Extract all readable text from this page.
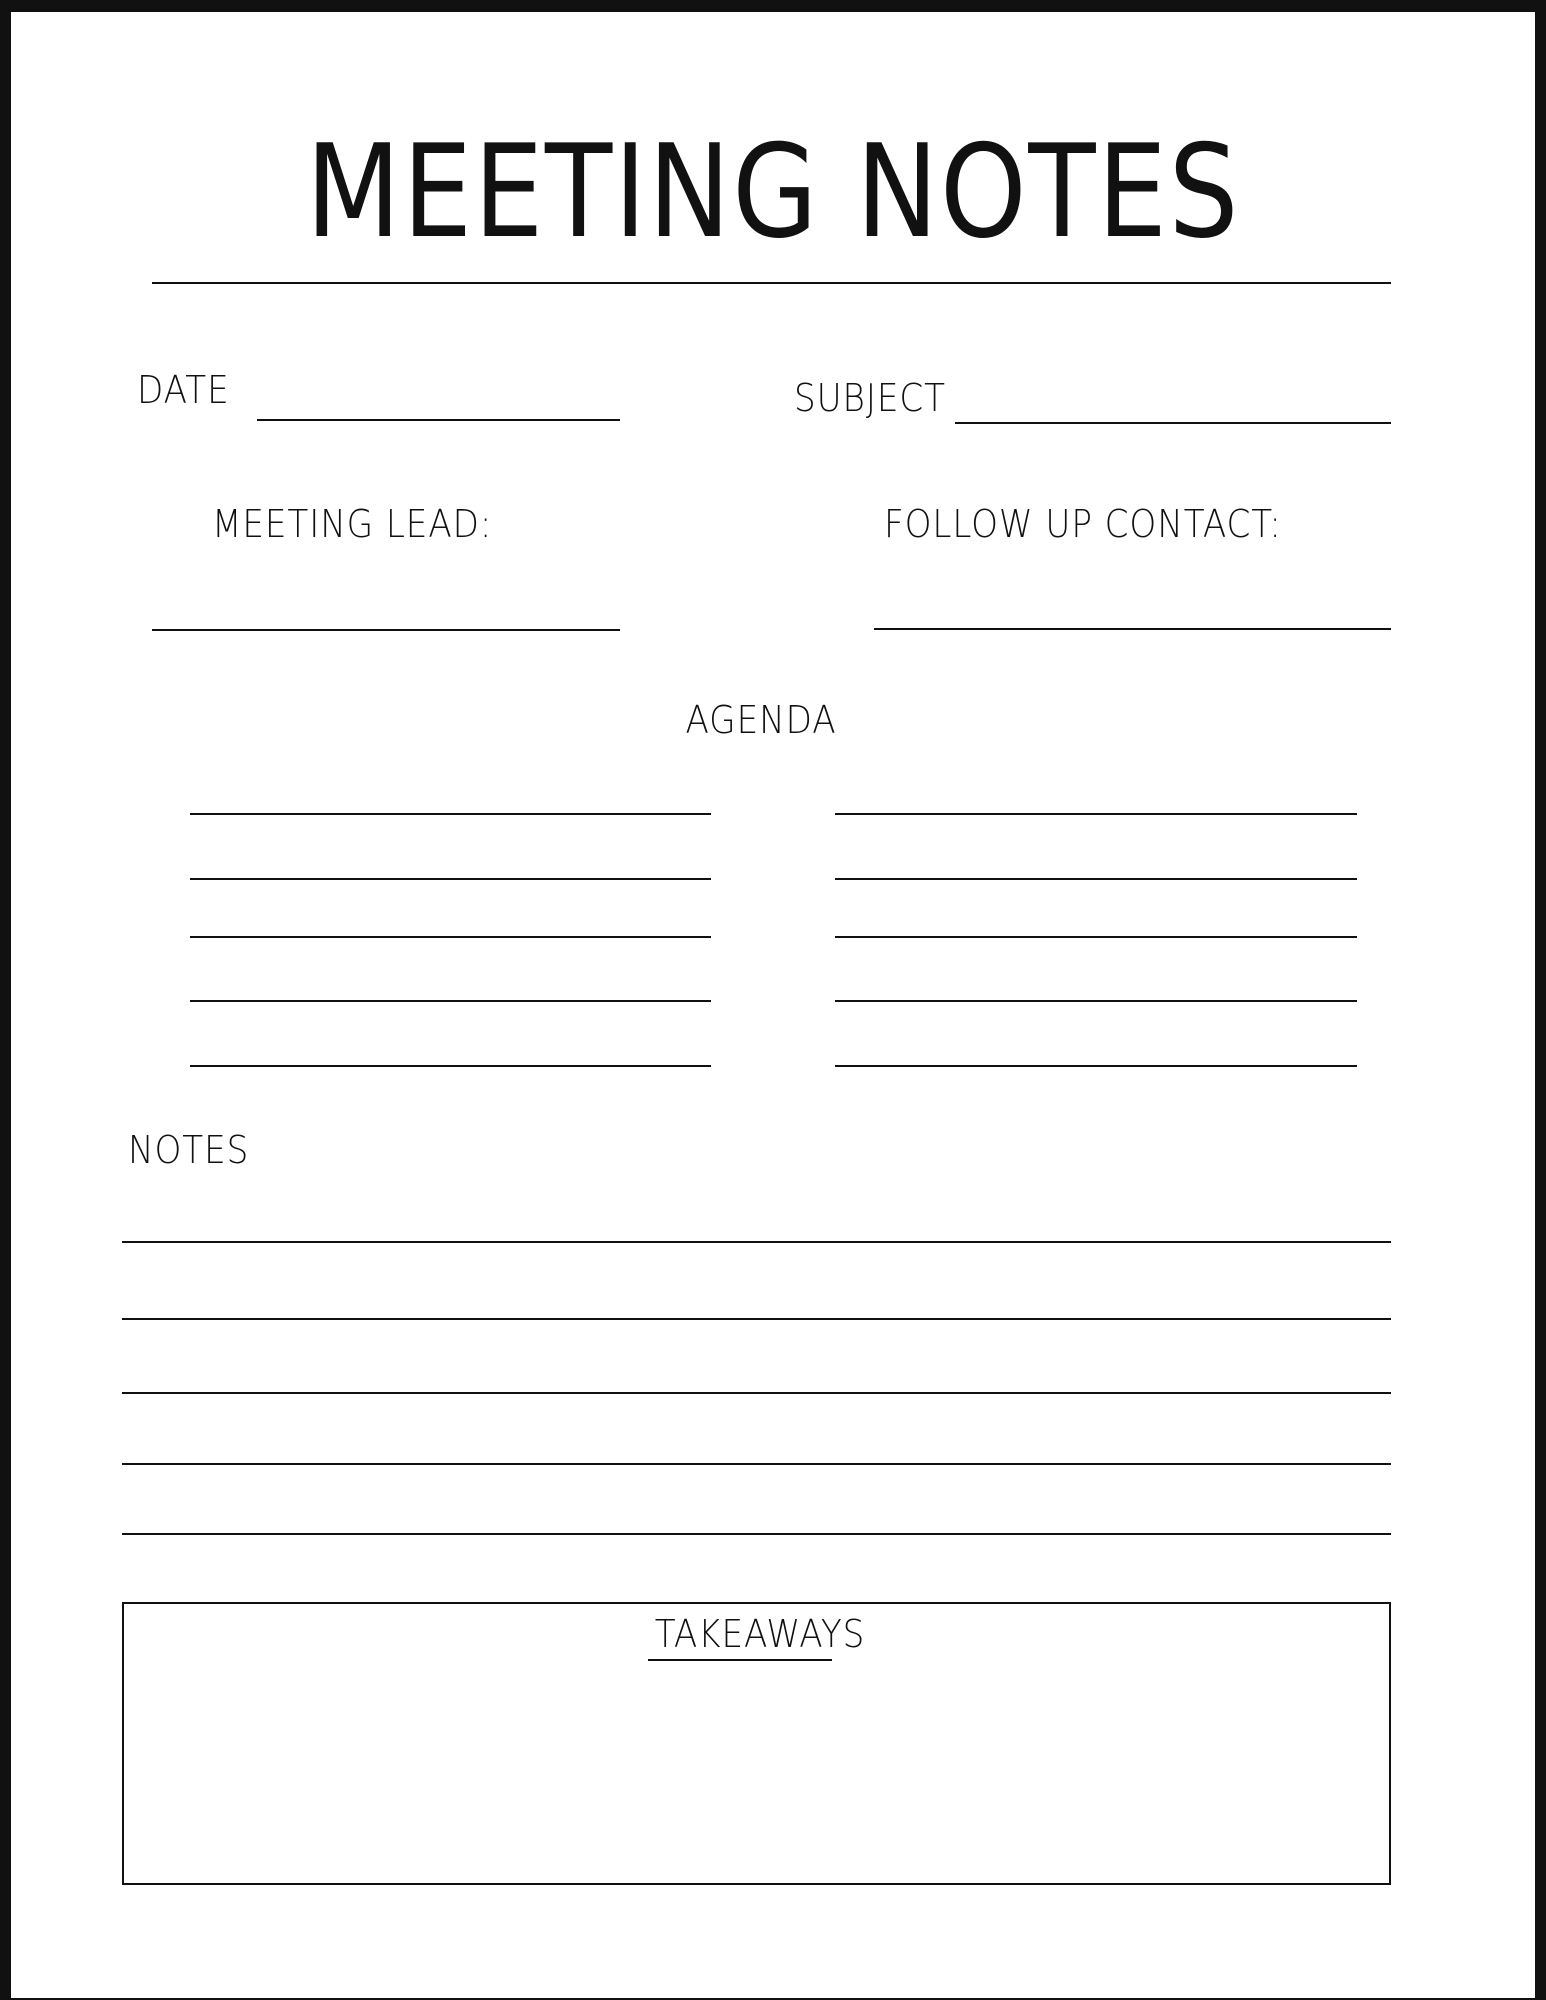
MEETING NOTES
DATE	SUBJECT
MEETING LEAD:	FOLLOW UP CONTACT:
AGENDA
NOTES
TAKEAWAYS
